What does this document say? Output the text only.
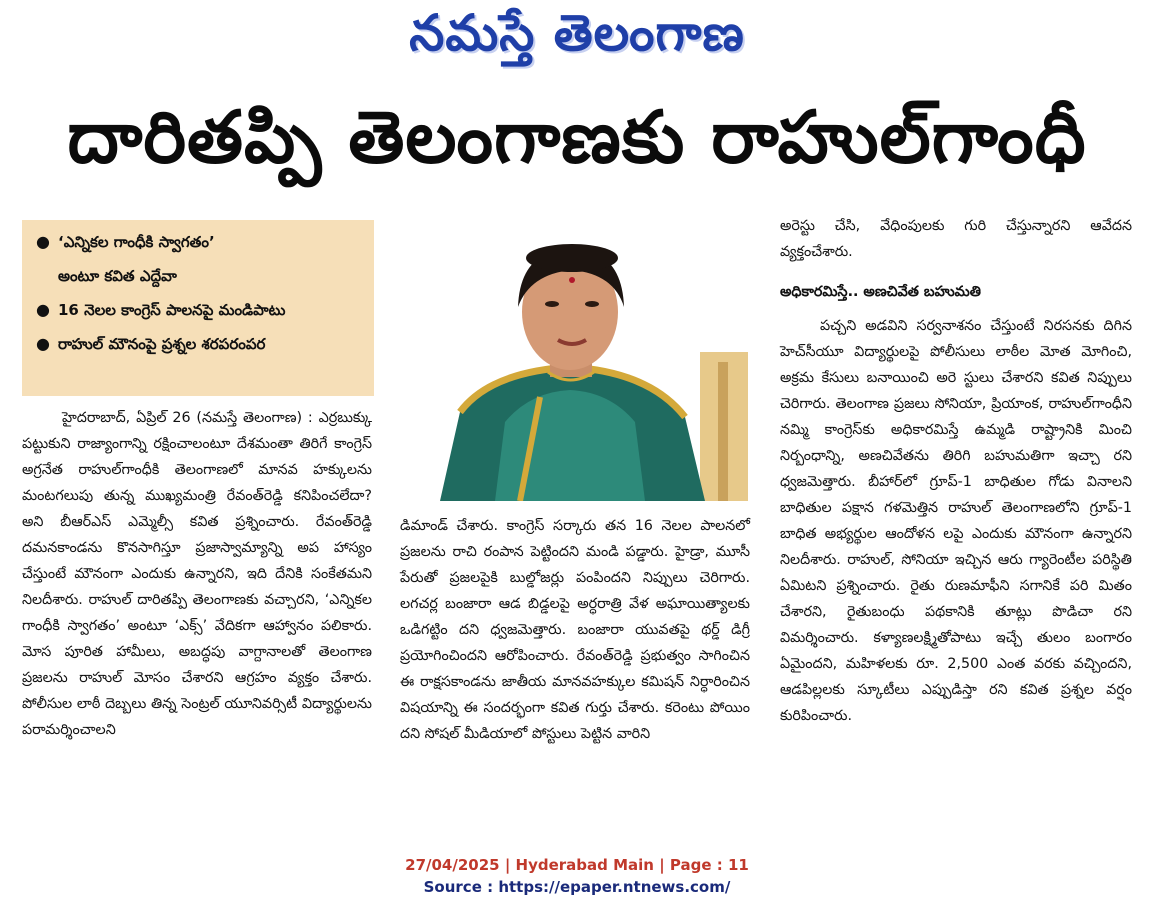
నమస్తే తెలంగాణ
దారితప్పి తెలంగాణకు రాహుల్‌గాంధీ
● ‘ఎన్నికల గాంధీకి స్వాగతం’
అంటూ కవిత ఎద్దేవా
● 16 నెలల కాంగ్రెస్ పాలనపై మండిపాటు
● రాహుల్ మౌనంపై ప్రశ్నల శరపరంపర

హైదరాబాద్, ఏప్రిల్ 26 (నమస్తే తెలంగాణ) : ఎర్రబుక్కు పట్టుకుని రాజ్యాంగాన్ని రక్షించాలంటూ దేశమంతా తిరిగే కాంగ్రెస్ అగ్రనేత రాహుల్‌గాంధీకి తెలంగాణలో మానవ హక్కులను మంటగలుపు తున్న ముఖ్యమంత్రి రేవంత్‌రెడ్డి కనిపించలేదా? అని బీఆర్‌ఎస్ ఎమ్మెల్సీ కవిత ప్రశ్నించారు. రేవంత్‌రెడ్డి దమనకాండను కొనసాగిస్తూ ప్రజాస్వామ్యాన్ని అప హాస్యం చేస్తుంటే మౌనంగా ఎందుకు ఉన్నారని, ఇది దేనికి సంకేతమని నిలదీశారు. రాహుల్ దారితప్పి తెలంగాణకు వచ్చారని, ‘ఎన్నికల గాంధీకి స్వాగతం’ అంటూ ‘ఎక్స్’ వేదికగా ఆహ్వానం పలికారు. మోస పూరిత హామీలు, అబద్ధపు వాగ్దానాలతో తెలంగాణ ప్రజలను రాహుల్ మోసం చేశారని ఆగ్రహం వ్యక్తం చేశారు. పోలీసుల లాఠీ దెబ్బలు తిన్న సెంట్రల్ యూనివర్సిటీ విద్యార్థులను పరామర్శించాలని

డిమాండ్ చేశారు. కాంగ్రెస్ సర్కారు తన 16 నెలల పాలనలో ప్రజలను రాచి రంపాన పెట్టిందని మండి పడ్డారు. హైడ్రా, మూసీ పేరుతో ప్రజలపైకి బుల్డోజర్లు పంపిందని నిప్పులు చెరిగారు. లగచర్ల బంజారా ఆడ బిడ్డలపై అర్ధరాత్రి వేళ అఘాయిత్యాలకు ఒడిగట్టిం దని ధ్వజమెత్తారు. బంజారా యువతపై థర్డ్ డిగ్రీ ప్రయోగించిందని ఆరోపించారు. రేవంత్‌రెడ్డి ప్రభుత్వం సాగించిన ఈ రాక్షసకాండను జాతీయ మానవహక్కుల కమిషన్ నిర్ధారించిన విషయాన్ని ఈ సందర్భంగా కవిత గుర్తు చేశారు. కరెంటు పోయిం దని సోషల్ మీడియాలో పోస్టులు పెట్టిన వారిని

అరెస్టు చేసి, వేధింపులకు గురి చేస్తున్నారని ఆవేదన వ్యక్తంచేశారు.

అధికారమిస్తే.. అణచివేత బహుమతి

పచ్చని అడవిని సర్వనాశనం చేస్తుంటే నిరసనకు దిగిన హెచ్‌సీయూ విద్యార్థులపై పోలీసులు లాఠీల మోత మోగించి, అక్రమ కేసులు బనాయించి అరె స్టులు చేశారని కవిత నిప్పులు చెరిగారు. తెలంగాణ ప్రజలు సోనియా, ప్రియాంక, రాహుల్‌గాంధీని నమ్మి కాంగ్రెస్‌కు అధికారమిస్తే ఉమ్మడి రాష్ట్రానికి మించి నిర్బంధాన్ని, అణచివేతను తిరిగి బహుమతిగా ఇచ్చా రని ధ్వజమెత్తారు. బీహార్‌లో గ్రూప్-1 బాధితుల గోడు వినాలని బాధితుల పక్షాన గళమెత్తిన రాహుల్ తెలంగాణలోని గ్రూప్-1 బాధిత అభ్యర్థుల ఆందోళన లపై ఎందుకు మౌనంగా ఉన్నారని నిలదీశారు. రాహుల్, సోనియా ఇచ్చిన ఆరు గ్యారెంటీల పరిస్థితి ఏమిటని ప్రశ్నించారు. రైతు రుణమాఫీని సగానికే పరి మితం చేశారని, రైతుబంధు పథకానికి తూట్లు పొడిచా రని విమర్శించారు. కళ్యాణలక్ష్మితోపాటు ఇచ్చే తులం బంగారం ఏమైందని, మహిళలకు రూ. 2,500 ఎంత వరకు వచ్చిందని, ఆడపిల్లలకు స్కూటీలు ఎప్పుడిస్తా రని కవిత ప్రశ్నల వర్షం కురిపించారు.

27/04/2025 | Hyderabad Main | Page : 11
Source : https://epaper.ntnews.com/
